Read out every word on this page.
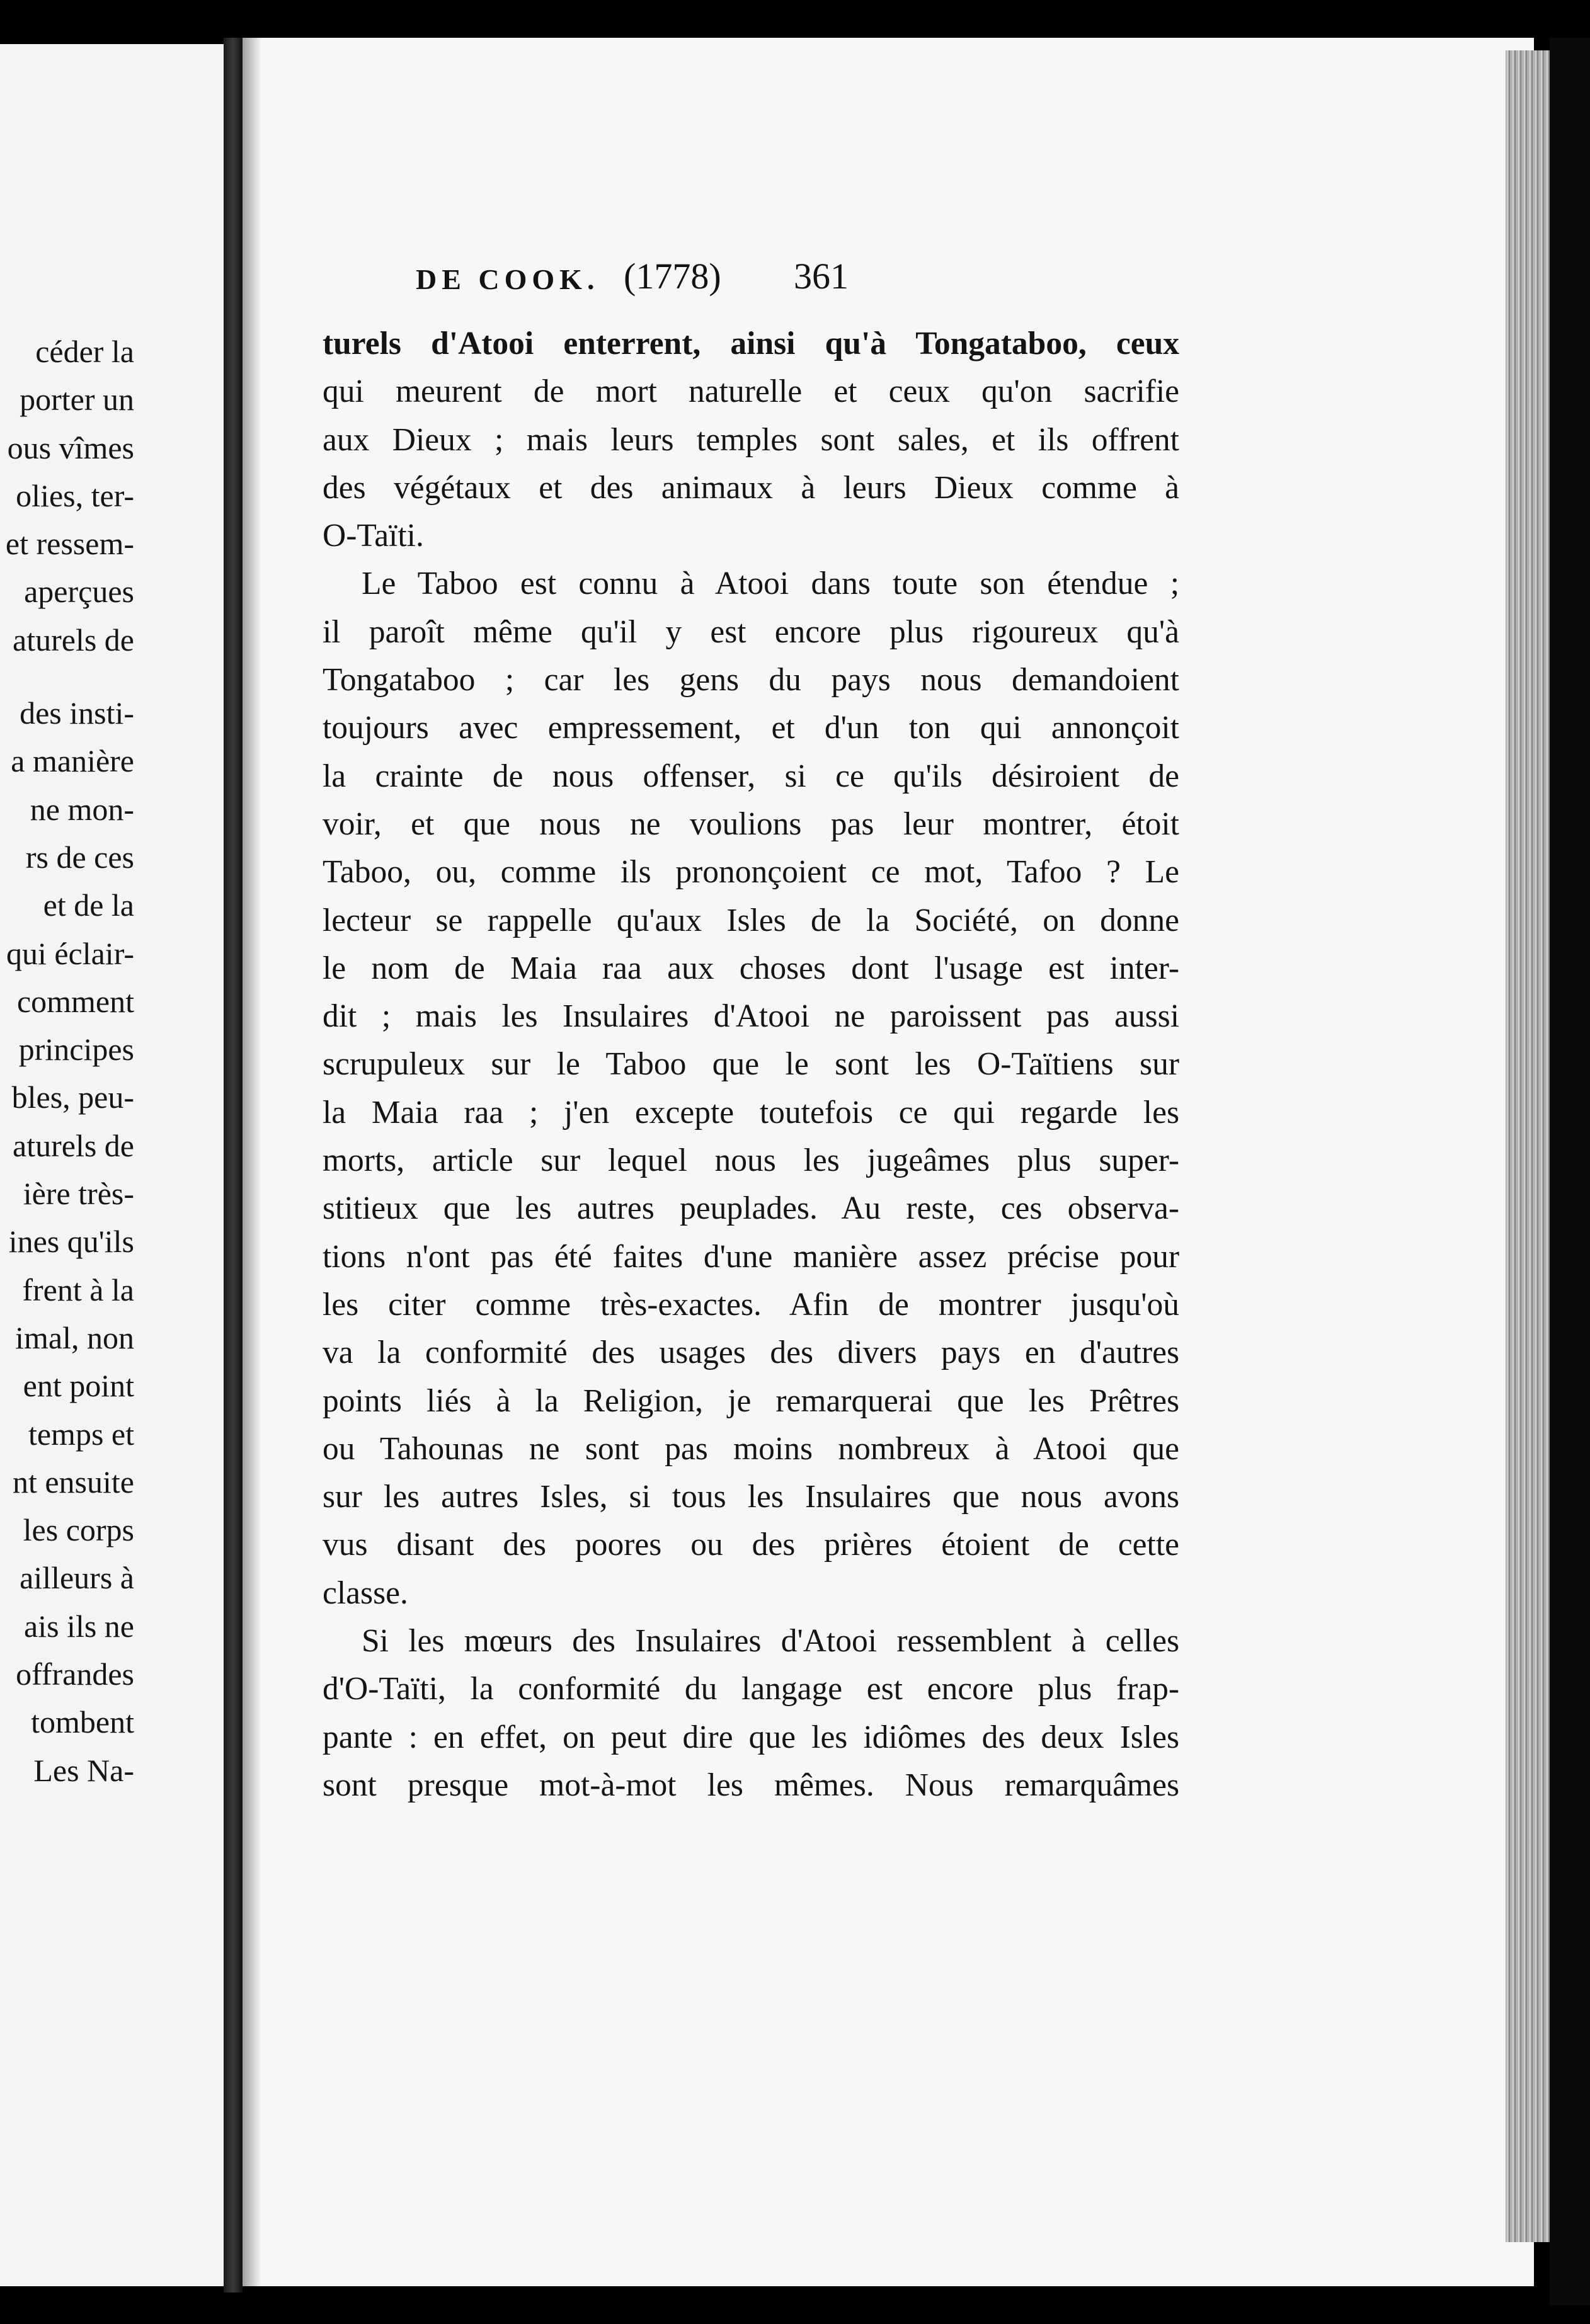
céder la
porter un
ous vîmes
olies, ter-
et ressem-
aperçues
aturels de
des insti-
a manière
ne mon-
rs de ces
et de la
qui éclair-
comment
principes
bles, peu-
aturels de
ière très-
ines qu'ils
frent à la
imal, non
ent point
temps et
nt ensuite
les corps
ailleurs à
ais ils ne
offrandes
tombent
Les Na-
DE COOK. (1778) 361
turels d'Atooi enterrent, ainsi qu'à Tongataboo, ceux
qui meurent de mort naturelle et ceux qu'on sacrifie
aux Dieux ; mais leurs temples sont sales, et ils offrent
des végétaux et des animaux à leurs Dieux comme à
O-Taïti.
Le Taboo est connu à Atooi dans toute son étendue ;
il paroît même qu'il y est encore plus rigoureux qu'à
Tongataboo ; car les gens du pays nous demandoient
toujours avec empressement, et d'un ton qui annonçoit
la crainte de nous offenser, si ce qu'ils désiroient de
voir, et que nous ne voulions pas leur montrer, étoit
Taboo, ou, comme ils prononçoient ce mot, Tafoo ? Le
lecteur se rappelle qu'aux Isles de la Société, on donne
le nom de Maia raa aux choses dont l'usage est inter-
dit ; mais les Insulaires d'Atooi ne paroissent pas aussi
scrupuleux sur le Taboo que le sont les O-Taïtiens sur
la Maia raa ; j'en excepte toutefois ce qui regarde les
morts, article sur lequel nous les jugeâmes plus super-
stitieux que les autres peuplades. Au reste, ces observa-
tions n'ont pas été faites d'une manière assez précise pour
les citer comme très-exactes. Afin de montrer jusqu'où
va la conformité des usages des divers pays en d'autres
points liés à la Religion, je remarquerai que les Prêtres
ou Tahounas ne sont pas moins nombreux à Atooi que
sur les autres Isles, si tous les Insulaires que nous avons
vus disant des poores ou des prières étoient de cette
classe.
Si les mœurs des Insulaires d'Atooi ressemblent à celles
d'O-Taïti, la conformité du langage est encore plus frap-
pante : en effet, on peut dire que les idiômes des deux Isles
sont presque mot-à-mot les mêmes. Nous remarquâmes
